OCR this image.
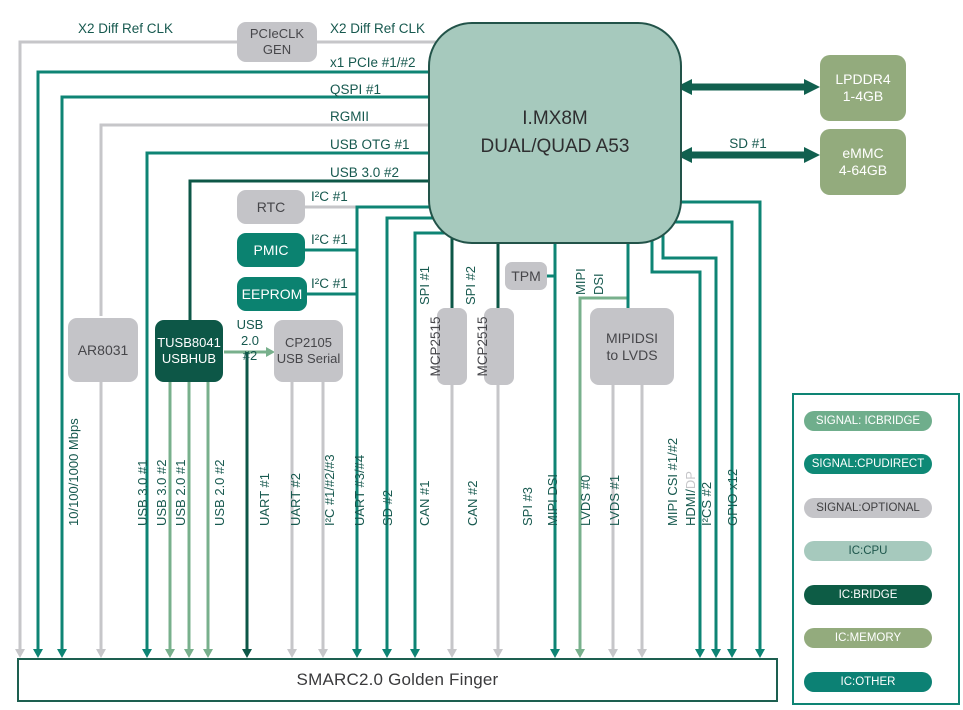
PCIeCLK
GEN
I.MX8M
DUAL/QUAD A53
LPDDR4
1-4GB
eMMC
4-64GB
RTC
PMIC
EEPROM
AR8031 TUSB8041
USBHUB
CP2105
USB Serial
TPM
MIPIDSI
to LVDS
X2 Diff Ref CLK	X2 Diff Ref CLK
x1 PCIe #1/#2
QSPI #1
RGMII
USB OTG #1
USB 3.0 #2
I²C #1
I²C #1
I²C #1
USB 2.0
#2
SD #1
SPI #1 SPI #2	MIPI DSI
MCP2515 MCP2515
10/100/1000 Mbps	USB 3.0 #1 USB 3.0 #2 USB 2.0 #1 USB 2.0 #2 UART #1 UART #2 I²C #1/#2/#3 UART #3/#4 SD #2 CAN #1	CAN #2	SPI #3 MIPI DSI LVDS #0 LVDS #1	MIPI CSI #1/#2 HDMI/DP
I²CS #2 GPIO x12
SMARC2.0 Golden Finger
SIGNAL: ICBRIDGE
SIGNAL:CPUDIRECT
SIGNAL:OPTIONAL
IC:CPU
IC:BRIDGE
IC:MEMORY
IC:OTHER
